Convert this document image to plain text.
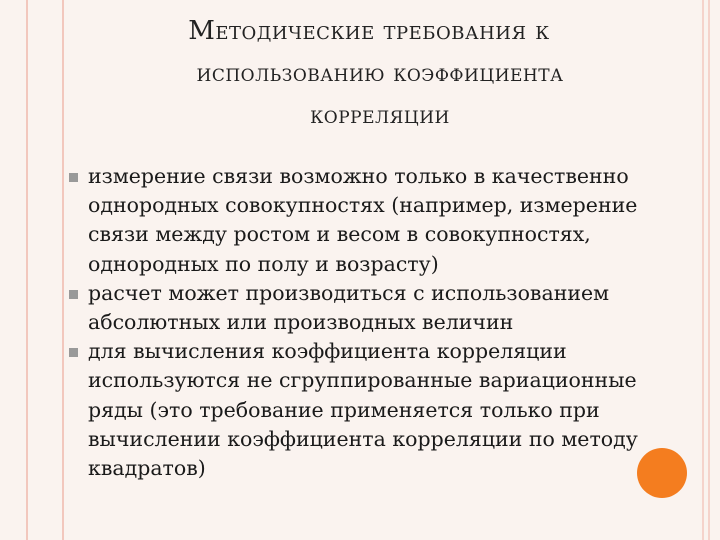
Методические требования к
использованию коэффициента
корреляции
измерение связи возможно только в качественно однородных совокупностях (например, измерение связи между ростом и весом в совокупностях, однородных по полу и возрасту)
расчет может производиться с использованием абсолютных или производных величин
для вычисления коэффициента корреляции используются не сгруппированные вариационные ряды (это требование применяется только при вычислении коэффициента корреляции по методу квадратов)
